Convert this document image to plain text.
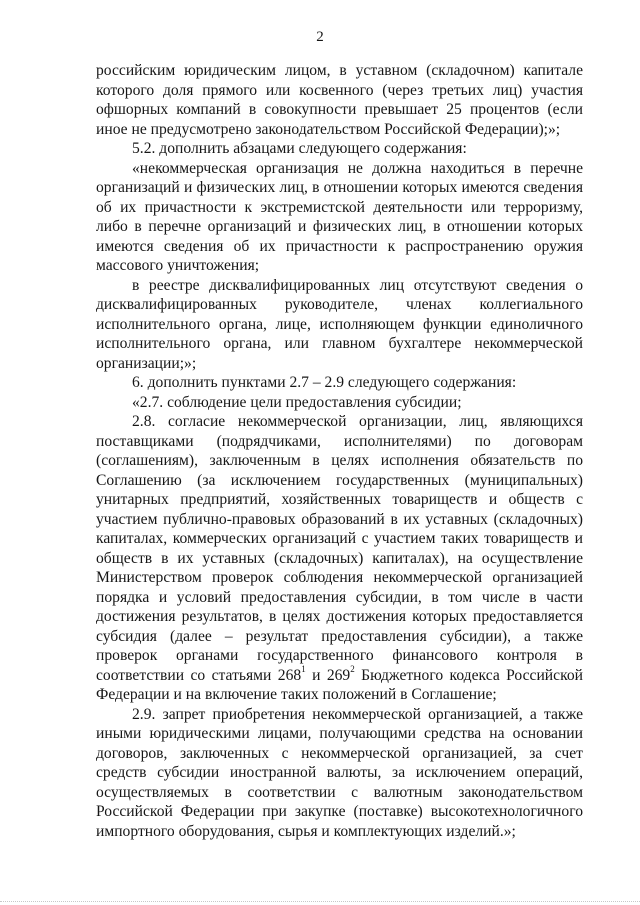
2

российским юридическим лицом, в уставном (складочном) капитале которого доля прямого или косвенного (через третьих лиц) участия офшорных компаний в совокупности превышает 25 процентов (если иное не предусмотрено законодательством Российской Федерации);»;

5.2. дополнить абзацами следующего содержания:

«некоммерческая организация не должна находиться в перечне организаций и физических лиц, в отношении которых имеются сведения об их причастности к экстремистской деятельности или терроризму, либо в перечне организаций и физических лиц, в отношении которых имеются сведения об их причастности к распространению оружия массового уничтожения;

в реестре дисквалифицированных лиц отсутствуют сведения о дисквалифицированных руководителе, членах коллегиального исполнительного органа, лице, исполняющем функции единоличного исполнительного органа, или главном бухгалтере некоммерческой организации;»;

6. дополнить пунктами 2.7 – 2.9 следующего содержания:

«2.7. соблюдение цели предоставления субсидии;

2.8. согласие некоммерческой организации, лиц, являющихся поставщиками (подрядчиками, исполнителями) по договорам (соглашениям), заключенным в целях исполнения обязательств по Соглашению (за исключением государственных (муниципальных) унитарных предприятий, хозяйственных товариществ и обществ с участием публично-правовых образований в их уставных (складочных) капиталах, коммерческих организаций с участием таких товариществ и обществ в их уставных (складочных) капиталах), на осуществление Министерством проверок соблюдения некоммерческой организацией порядка и условий предоставления субсидии, в том числе в части достижения результатов, в целях достижения которых предоставляется субсидия (далее – результат предоставления субсидии), а также проверок органами государственного финансового контроля в соответствии со статьями $268^1$ и $269^2$ Бюджетного кодекса Российской Федерации и на включение таких положений в Соглашение;

2.9. запрет приобретения некоммерческой организацией, а также иными юридическими лицами, получающими средства на основании договоров, заключенных с некоммерческой организацией, за счет средств субсидии иностранной валюты, за исключением операций, осуществляемых в соответствии с валютным законодательством Российской Федерации при закупке (поставке) высокотехнологичного импортного оборудования, сырья и комплектующих изделий.»;
